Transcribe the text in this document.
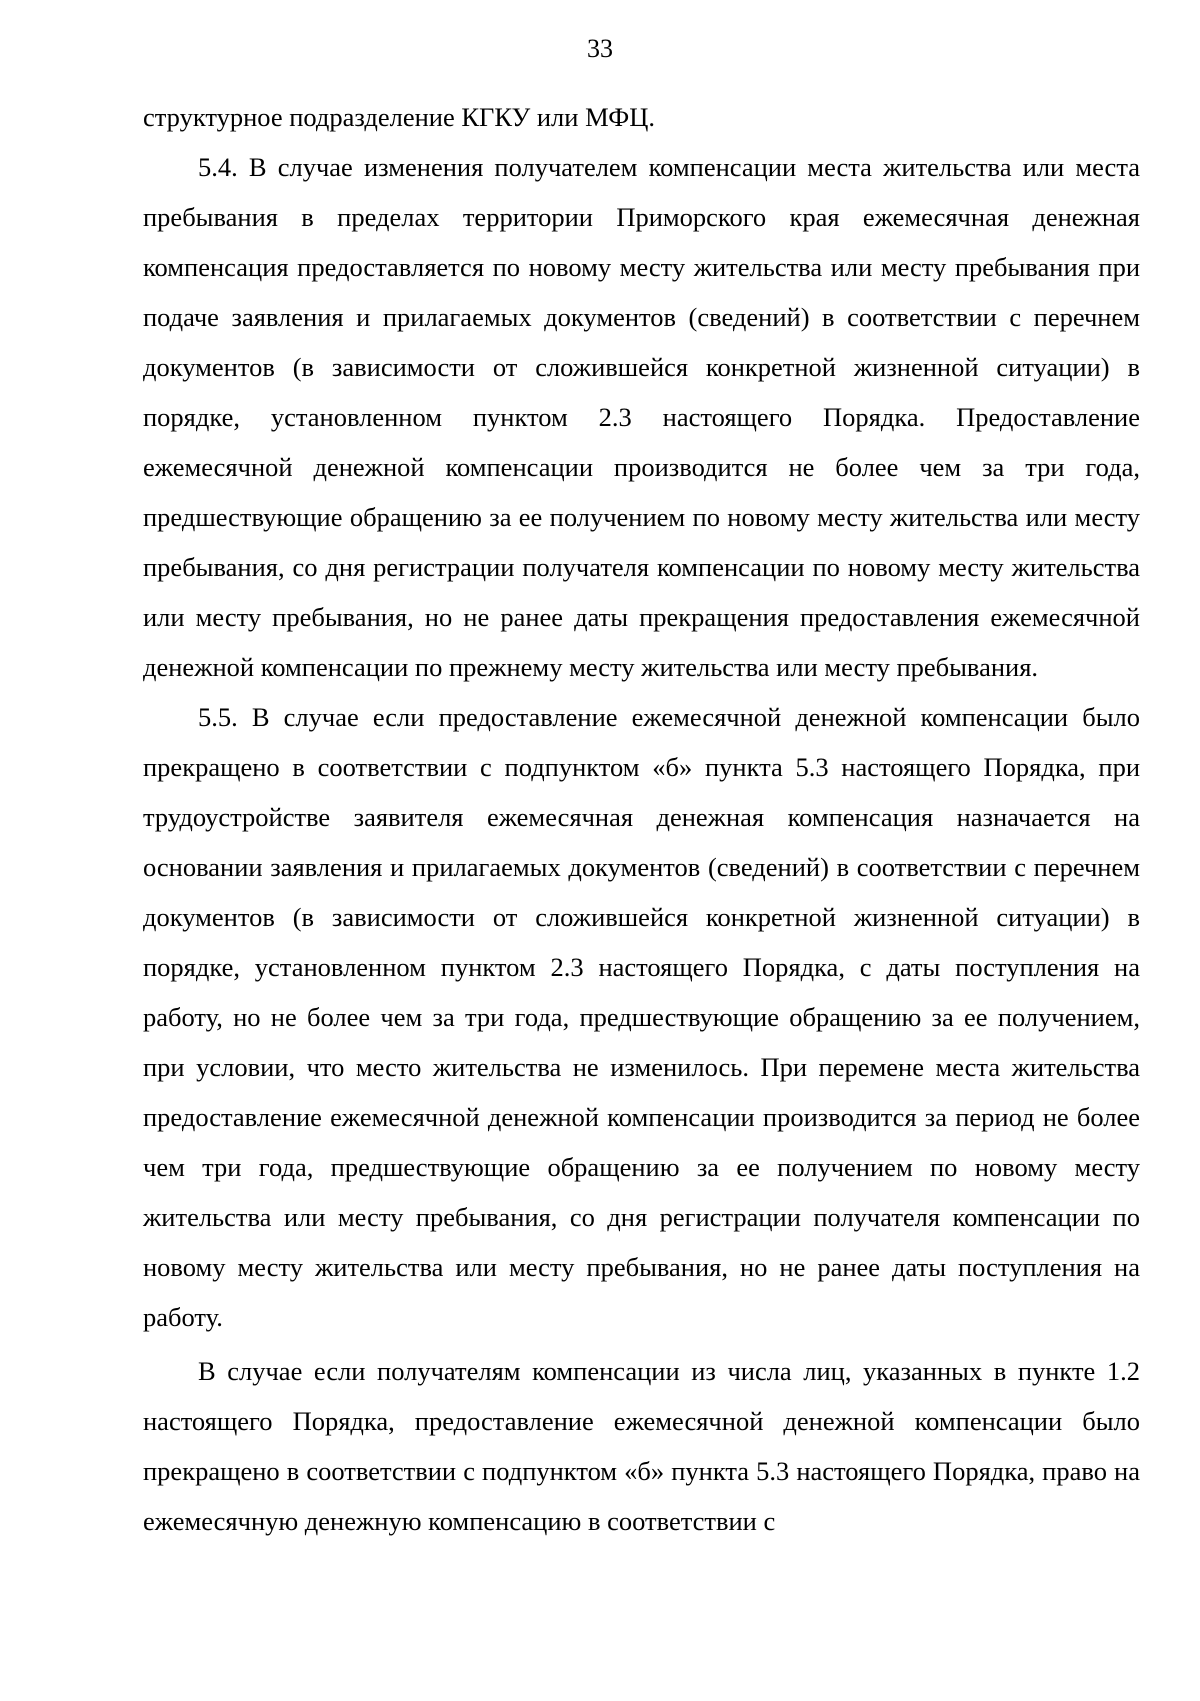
33

структурное подразделение КГКУ или МФЦ.

5.4. В случае изменения получателем компенсации места жительства или места пребывания в пределах территории Приморского края ежемесячная денежная компенсация предоставляется по новому месту жительства или месту пребывания при подаче заявления и прилагаемых документов (сведений) в соответствии с перечнем документов (в зависимости от сложившейся конкретной жизненной ситуации) в порядке, установленном пунктом 2.3 настоящего Порядка. Предоставление ежемесячной денежной компенсации производится не более чем за три года, предшествующие обращению за ее получением по новому месту жительства или месту пребывания, со дня регистрации получателя компенсации по новому месту жительства или месту пребывания, но не ранее даты прекращения предоставления ежемесячной денежной компенсации по прежнему месту жительства или месту пребывания.

5.5. В случае если предоставление ежемесячной денежной компенсации было прекращено в соответствии с подпунктом «б» пункта 5.3 настоящего Порядка, при трудоустройстве заявителя ежемесячная денежная компенсация назначается на основании заявления и прилагаемых документов (сведений) в соответствии с перечнем документов (в зависимости от сложившейся конкретной жизненной ситуации) в порядке, установленном пунктом 2.3 настоящего Порядка, с даты поступления на работу, но не более чем за три года, предшествующие обращению за ее получением, при условии, что место жительства не изменилось. При перемене места жительства предоставление ежемесячной денежной компенсации производится за период не более чем три года, предшествующие обращению за ее получением по новому месту жительства или месту пребывания, со дня регистрации получателя компенсации по новому месту жительства или месту пребывания, но не ранее даты поступления на работу.

В случае если получателям компенсации из числа лиц, указанных в пункте 1.2 настоящего Порядка, предоставление ежемесячной денежной компенсации было прекращено в соответствии с подпунктом «б» пункта 5.3 настоящего Порядка, право на ежемесячную денежную компенсацию в соответствии с
